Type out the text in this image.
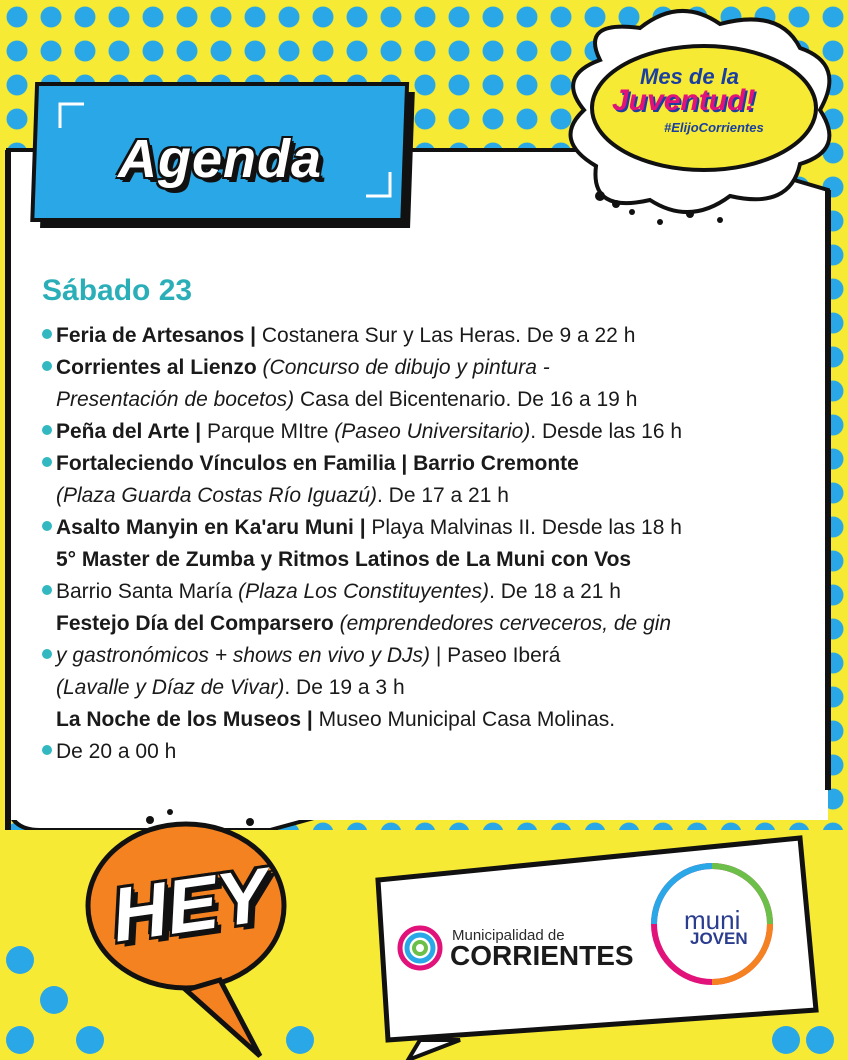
Agenda
Mes de la
Juventud!
#ElijoCorrientes
Sábado 23
Feria de Artesanos | Costanera Sur y Las Heras. De 9 a 22 h
Corrientes al Lienzo (Concurso de dibujo y pintura -
Presentación de bocetos) Casa del Bicentenario. De 16 a 19 h
Peña del Arte | Parque MItre (Paseo Universitario). Desde las 16 h
Fortaleciendo Vínculos en Familia | Barrio Cremonte
(Plaza Guarda Costas Río Iguazú). De 17 a 21 h
Asalto Manyin en Ka'aru Muni | Playa Malvinas II. Desde las 18 h
5° Master de Zumba y Ritmos Latinos de La Muni con Vos
Barrio Santa María (Plaza Los Constituyentes). De 18 a 21 h
Festejo Día del Comparsero (emprendedores cerveceros, de gin
y gastronómicos + shows en vivo y DJs) | Paseo Iberá
(Lavalle y Díaz de Vivar). De 19 a 3 h
La Noche de los Museos | Museo Municipal Casa Molinas.
De 20 a 00 h
HEY	Municipalidad de
CORRIENTES
muni
JOVEN
